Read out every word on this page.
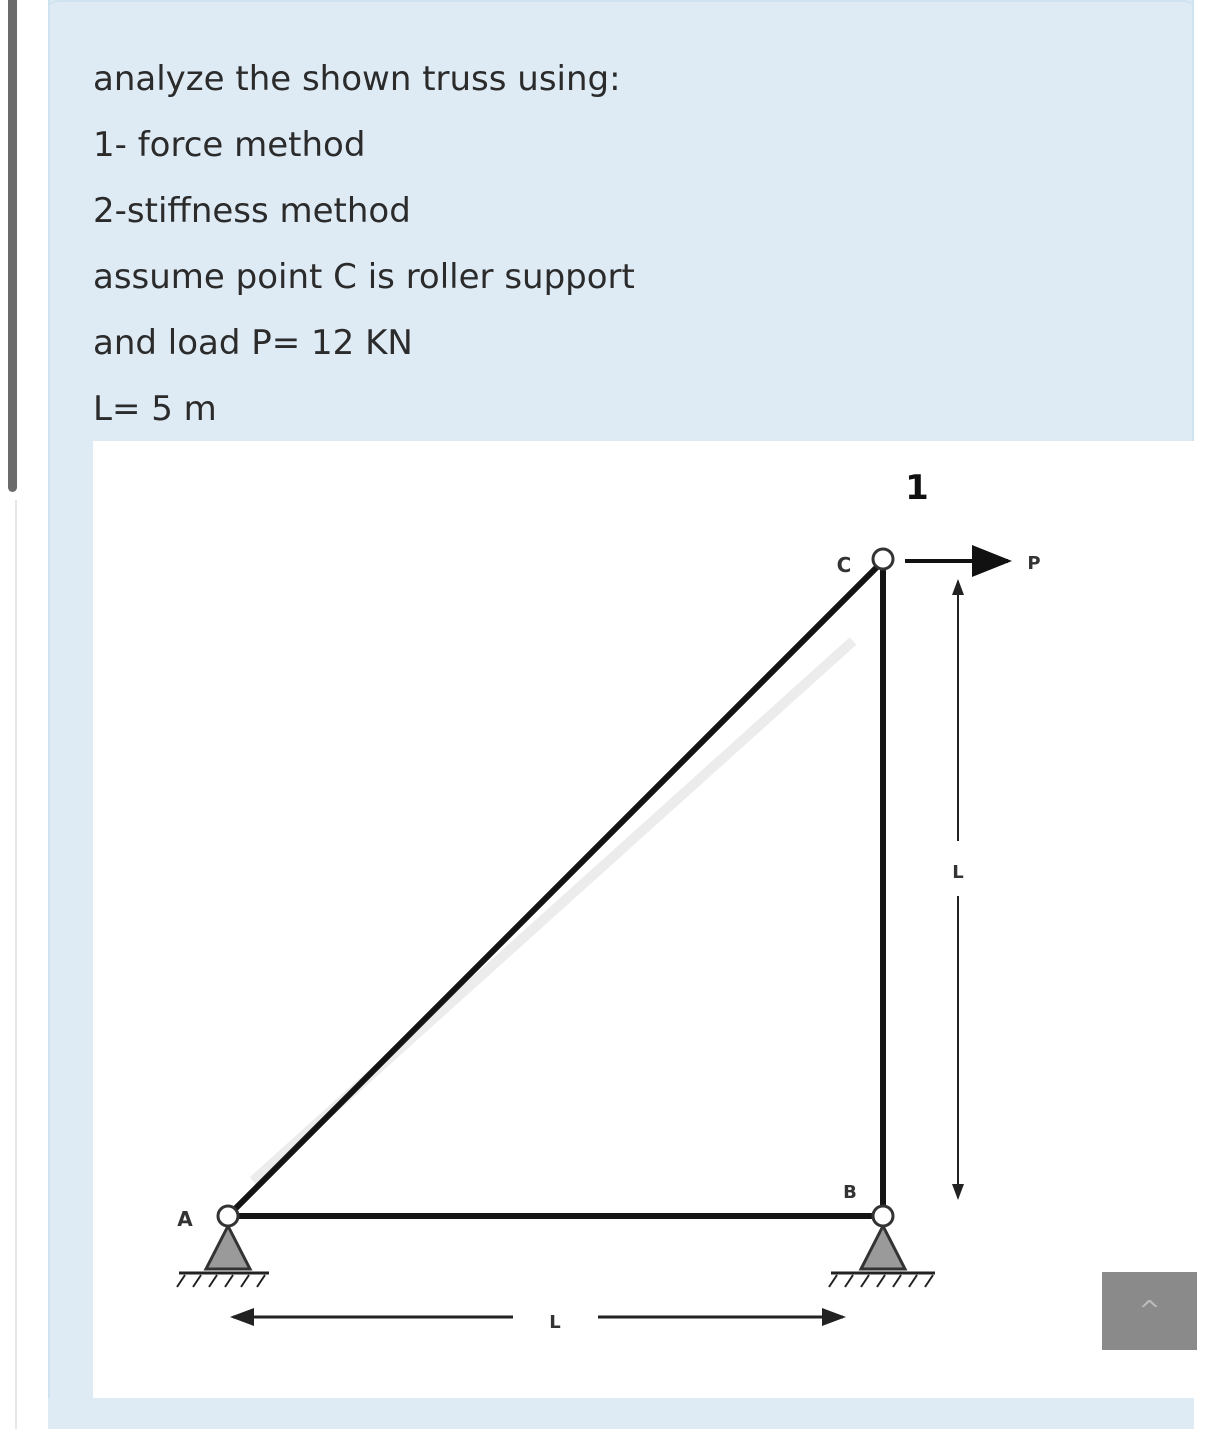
analyze the shown truss using:
1- force method
2-stiffness method
assume point C is roller support
and load P= 12 KN
L= 5 m
1
C
B
A
P
L
L	^
